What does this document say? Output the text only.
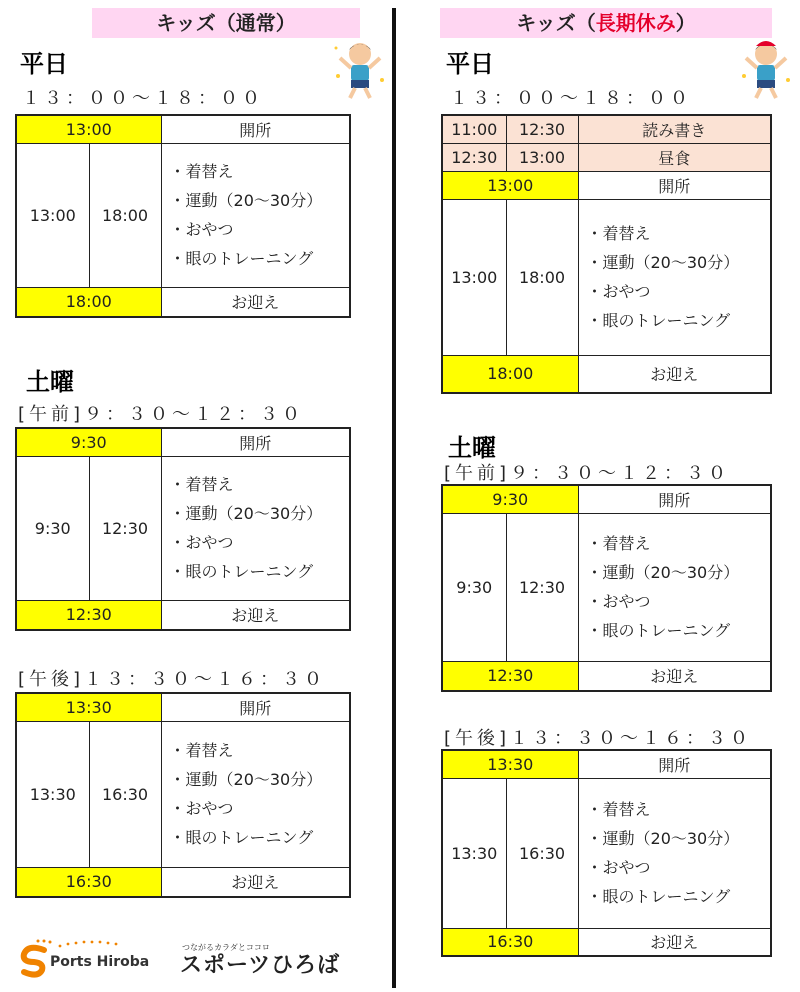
キッズ（通常）
平日
１３：００～１８：００
13:00		開所
13:00	18:00	・着替え
・運動（20～30分）
・おやつ
・眼のトレーニング

18:00		お迎え
土曜
[午前]９：３０～１２：３０
9:30		開所
9:30	12:30	・着替え
・運動（20～30分）
・おやつ
・眼のトレーニング

12:30		お迎え
[午後]１３：３０～１６：３０
13:30		開所
13:30	16:30	・着替え
・運動（20～30分）
・おやつ
・眼のトレーニング

16:30		お迎え
つながるカラダとココロ
Ports Hiroba スポーツひろば
キッズ（長期休み）
平日
１３：００～１８：００
11:00	12:30	読み書き
12:30	13:00	昼食
13:00		開所
13:00	18:00	・着替え
・運動（20～30分）
・おやつ
・眼のトレーニング

18:00		お迎え
土曜
[午前]９：３０～１２：３０
9:30		開所
9:30	12:30	・着替え
・運動（20～30分）
・おやつ
・眼のトレーニング

12:30		お迎え
[午後]１３：３０～１６：３０
13:30		開所
13:30	16:30	・着替え
・運動（20～30分）
・おやつ
・眼のトレーニング

16:30		お迎え
